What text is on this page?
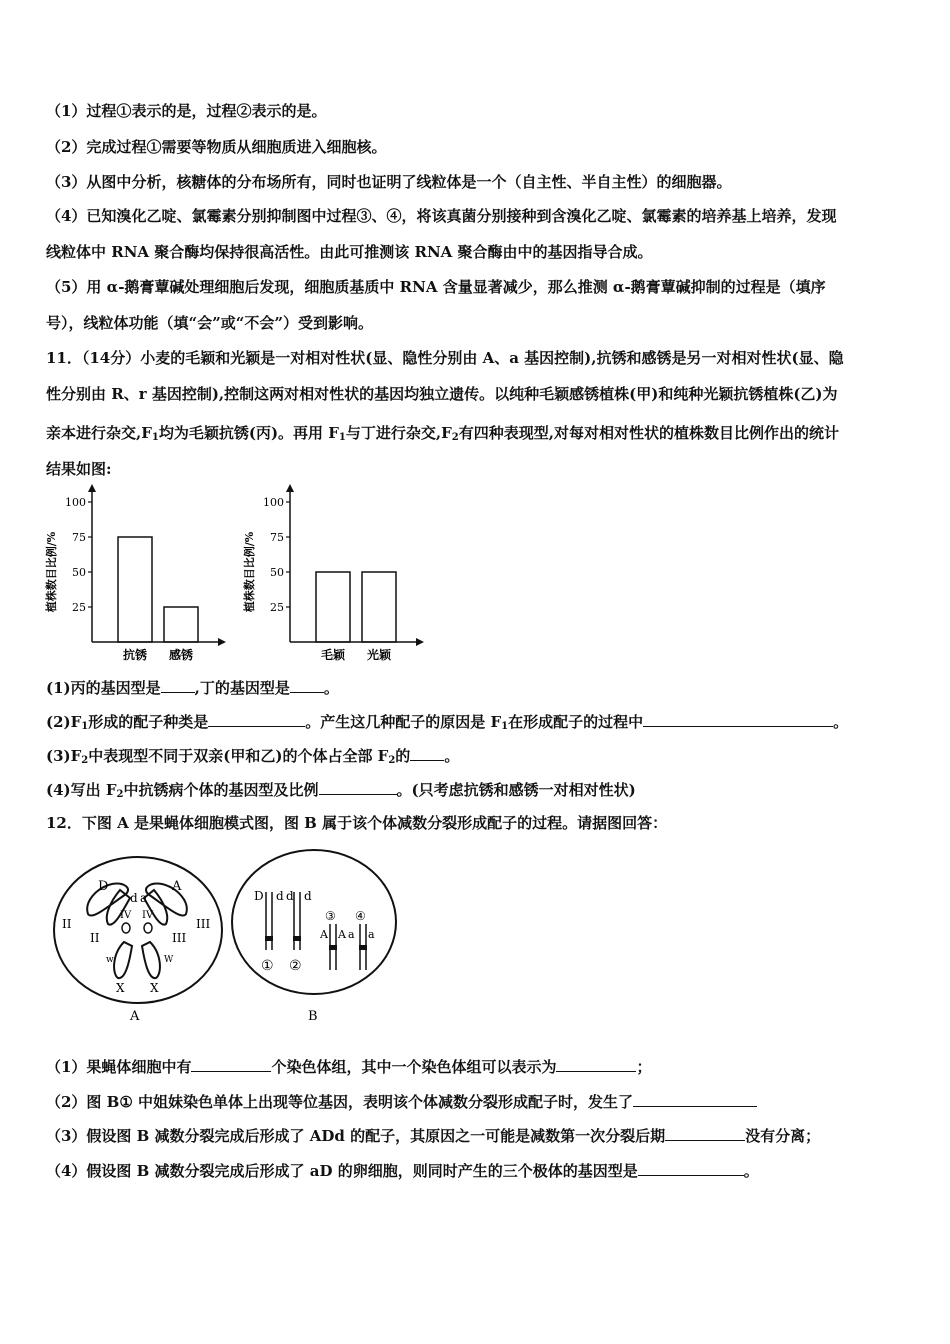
（1）过程①表示的是，过程②表示的是。
（2）完成过程①需要等物质从细胞质进入细胞核。
（3）从图中分析，核糖体的分布场所有，同时也证明了线粒体是一个（自主性、半自主性）的细胞器。
（4）已知溴化乙啶、氯霉素分别抑制图中过程③、④，将该真菌分别接种到含溴化乙啶、氯霉素的培养基上培养，发现
线粒体中 RNA 聚合酶均保持很高活性。由此可推测该 RNA 聚合酶由中的基因指导合成。
（5）用 α-鹅膏蕈碱处理细胞后发现，细胞质基质中 RNA 含量显著减少，那么推测 α-鹅膏蕈碱抑制的过程是（填序
号），线粒体功能（填“会”或“不会”）受到影响。
11．（14分）小麦的毛颖和光颖是一对相对性状(显、隐性分别由 A、a 基因控制),抗锈和感锈是另一对相对性状(显、隐
性分别由 R、r 基因控制),控制这两对相对性状的基因均独立遗传。以纯种毛颖感锈植株(甲)和纯种光颖抗锈植株(乙)为
亲本进行杂交$,F_1$均为毛颖抗锈(丙)。再用 $F_1$与丁进行杂交$,F_2$有四种表现型,对每对相对性状的植株数目比例作出的统计
结果如图:
25
50
75
100
植株数目比例/%
抗锈 感锈
25
50
75
100
植株数目比例/%
毛颖 光颖
(1)丙的基因型是 ,丁的基因型是 。
$(2)F_1$形成的配子种类是	。产生这几种配子的原因是 $F_1$在形成配子的过程中	。
$(3)F_2$中表现型不同于双亲(甲和乙)的个体占全部 $F_2$的 。
(4)写出 $F_2$中抗锈病个体的基因型及比例	。(只考虑抗锈和感锈一对相对性状)
12．下图 A 是果蝇体细胞模式图，图 B 属于该个体减数分裂形成配子的过程。请据图回答：
D
d a
A
II
II
IV IV
III
III
w	W
X X
A
D d d d
③ ④
A A a a
① ②
B
（1）果蝇体细胞中有	个染色体组，其中一个染色体组可以表示为	；
（2）图 B① 中姐妹染色单体上出现等位基因，表明该个体减数分裂形成配子时，发生了
（3）假设图 B 减数分裂完成后形成了 ADd 的配子，其原因之一可能是减数第一次分裂后期	没有分离；
（4）假设图 B 减数分裂完成后形成了 aD 的卵细胞，则同时产生的三个极体的基因型是	。
